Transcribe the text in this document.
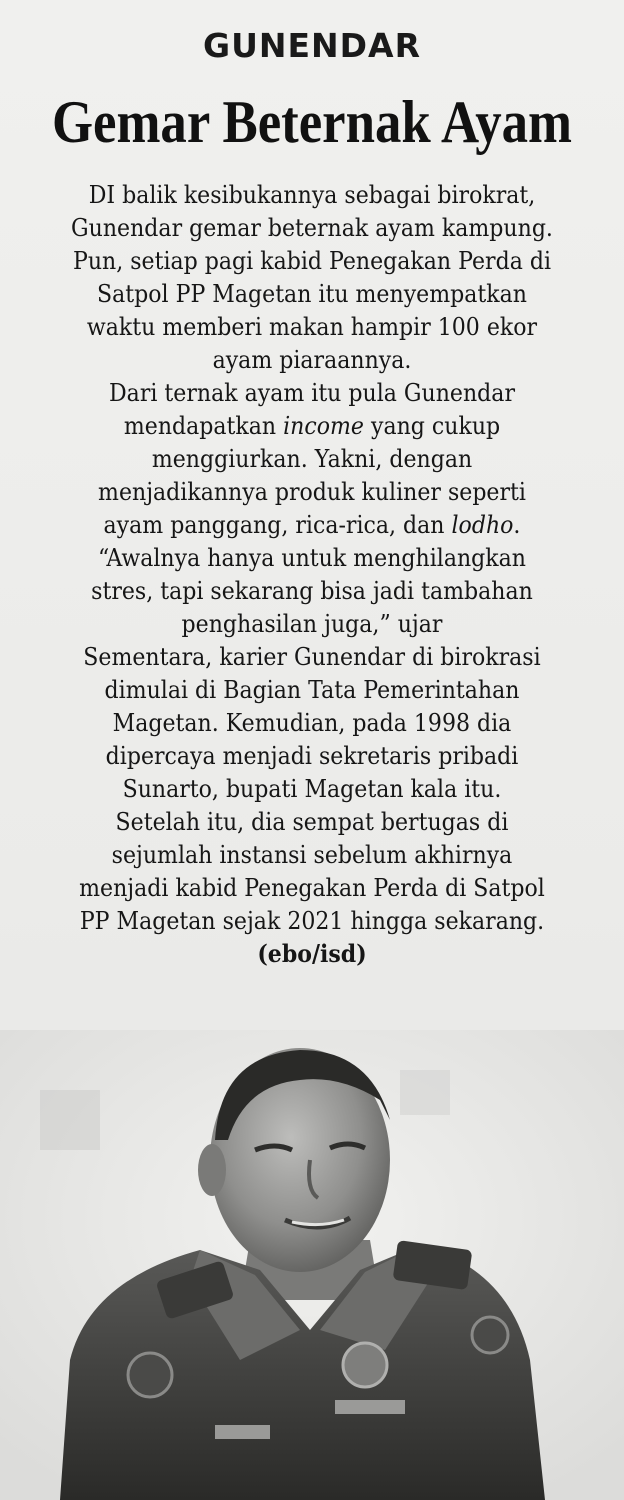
GUNENDAR
Gemar Beternak Ayam
DI balik kesibukannya sebagai birokrat,
Gunendar gemar beternak ayam kampung.
Pun, setiap pagi kabid Penegakan Perda di
Satpol PP Magetan itu menyempatkan
waktu memberi makan hampir 100 ekor
ayam piaraannya.
Dari ternak ayam itu pula Gunendar
mendapatkan income yang cukup
menggiurkan. Yakni, dengan
menjadikannya produk kuliner seperti
ayam panggang, rica-rica, dan lodho.
“Awalnya hanya untuk menghilangkan
stres, tapi sekarang bisa jadi tambahan
penghasilan juga,” ujar
Sementara, karier Gunendar di birokrasi
dimulai di Bagian Tata Pemerintahan
Magetan. Kemudian, pada 1998 dia
dipercaya menjadi sekretaris pribadi
Sunarto, bupati Magetan kala itu.
Setelah itu, dia sempat bertugas di
sejumlah instansi sebelum akhirnya
menjadi kabid Penegakan Perda di Satpol
PP Magetan sejak 2021 hingga sekarang.
(ebo/isd)
